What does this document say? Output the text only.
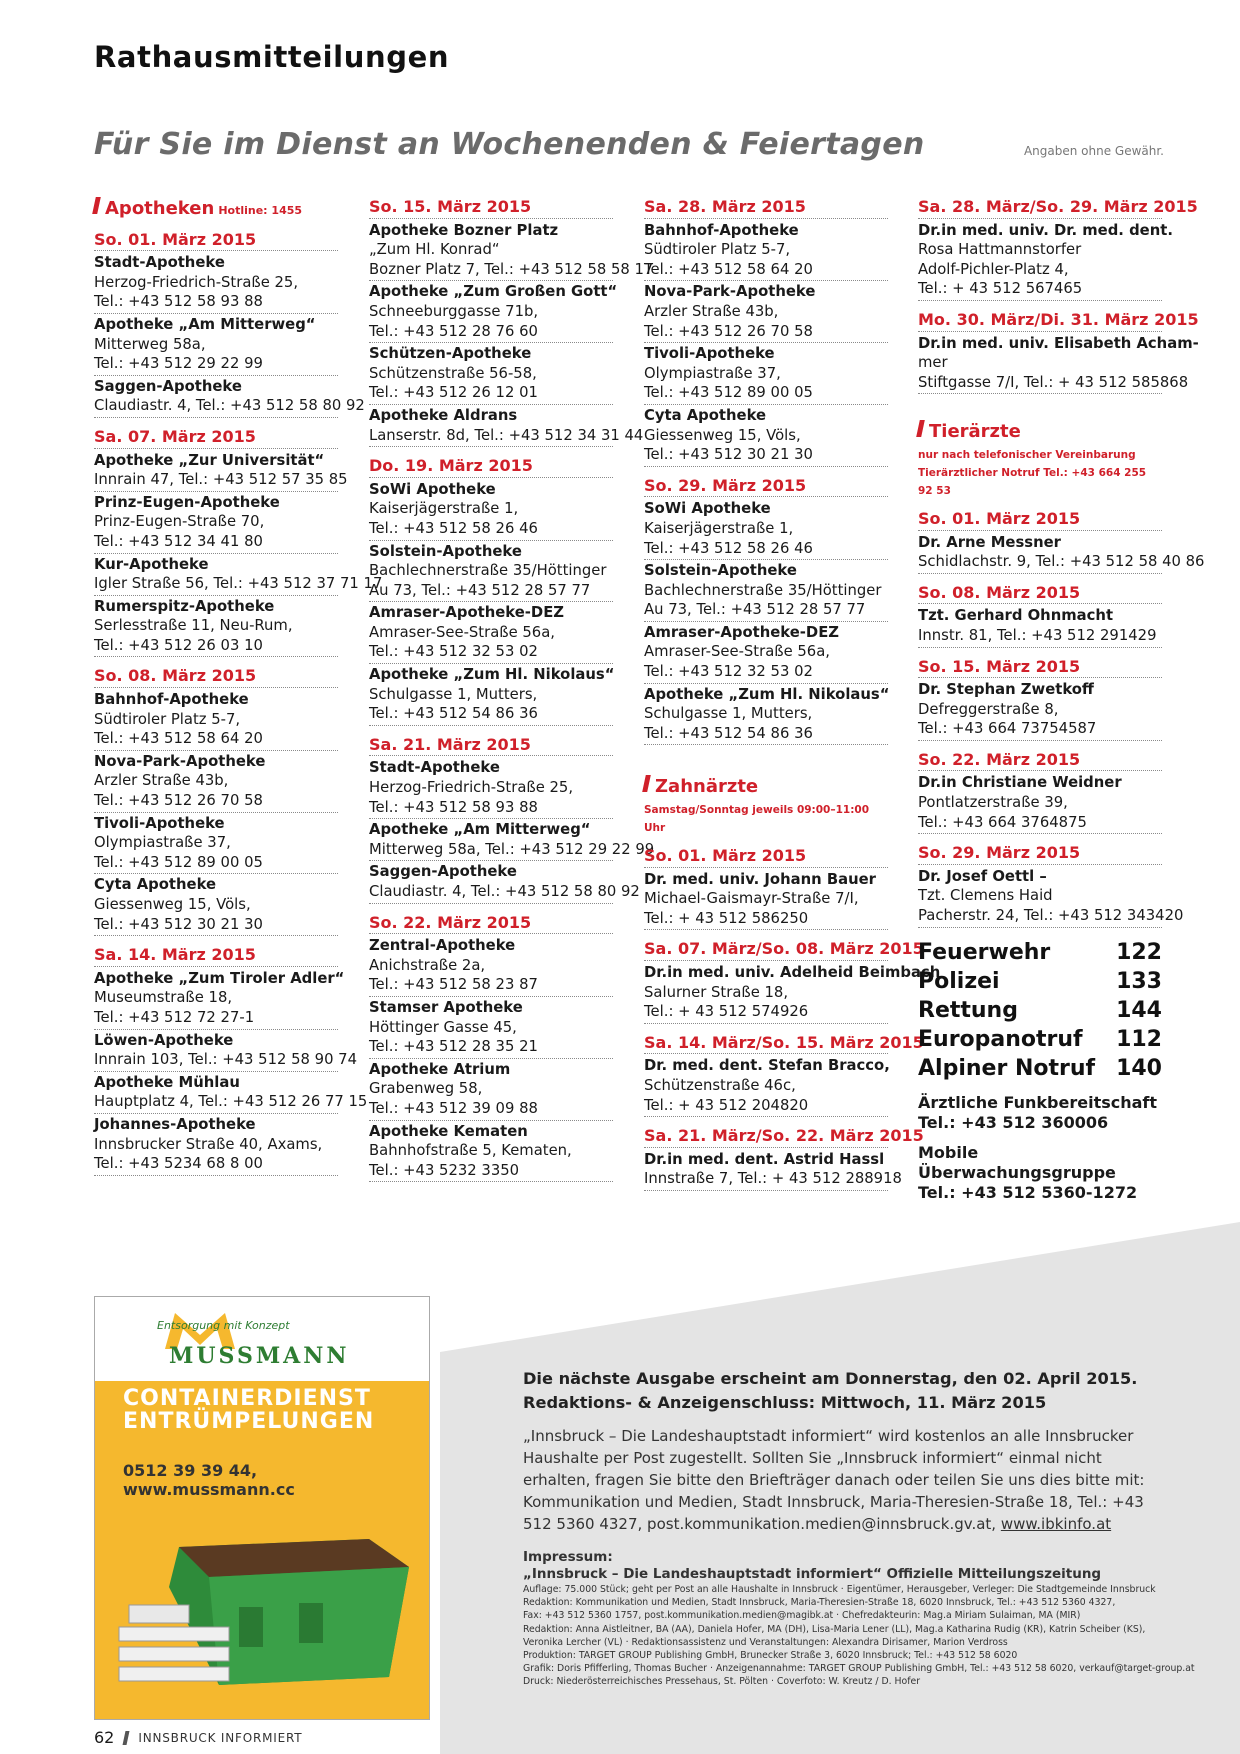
Rathausmitteilungen
Für Sie im Dienst an Wochenenden & Feiertagen	Angaben ohne Gewähr.
Apotheken Hotline: 1455
So. 01. März 2015
Stadt-Apotheke
Herzog-Friedrich-Straße 25,
Tel.: +43 512 58 93 88
Apotheke „Am Mitterweg“
Mitterweg 58a,
Tel.: +43 512 29 22 99
Saggen-Apotheke
Claudiastr. 4, Tel.: +43 512 58 80 92
Sa. 07. März 2015
Apotheke „Zur Universität“
Innrain 47, Tel.: +43 512 57 35 85
Prinz-Eugen-Apotheke
Prinz-Eugen-Straße 70,
Tel.: +43 512 34 41 80
Kur-Apotheke
Igler Straße 56, Tel.: +43 512 37 71 17
Rumerspitz-Apotheke
Serlesstraße 11, Neu-Rum,
Tel.: +43 512 26 03 10
So. 08. März 2015
Bahnhof-Apotheke
Südtiroler Platz 5-7,
Tel.: +43 512 58 64 20
Nova-Park-Apotheke
Arzler Straße 43b,
Tel.: +43 512 26 70 58
Tivoli-Apotheke
Olympiastraße 37,
Tel.: +43 512 89 00 05
Cyta Apotheke
Giessenweg 15, Völs,
Tel.: +43 512 30 21 30
Sa. 14. März 2015
Apotheke „Zum Tiroler Adler“
Museumstraße 18,
Tel.: +43 512 72 27-1
Löwen-Apotheke
Innrain 103, Tel.: +43 512 58 90 74
Apotheke Mühlau
Hauptplatz 4, Tel.: +43 512 26 77 15
Johannes-Apotheke
Innsbrucker Straße 40, Axams,
Tel.: +43 5234 68 8 00
So. 15. März 2015
Apotheke Bozner Platz
„Zum Hl. Konrad“
Bozner Platz 7, Tel.: +43 512 58 58 17
Apotheke „Zum Großen Gott“
Schneeburggasse 71b,
Tel.: +43 512 28 76 60
Schützen-Apotheke
Schützenstraße 56-58,
Tel.: +43 512 26 12 01
Apotheke Aldrans
Lanserstr. 8d, Tel.: +43 512 34 31 44
Do. 19. März 2015
SoWi Apotheke
Kaiserjägerstraße 1,
Tel.: +43 512 58 26 46
Solstein-Apotheke
Bachlechnerstraße 35/Höttinger
Au 73, Tel.: +43 512 28 57 77
Amraser-Apotheke-DEZ
Amraser-See-Straße 56a,
Tel.: +43 512 32 53 02
Apotheke „Zum Hl. Nikolaus“
Schulgasse 1, Mutters,
Tel.: +43 512 54 86 36
Sa. 21. März 2015
Stadt-Apotheke
Herzog-Friedrich-Straße 25,
Tel.: +43 512 58 93 88
Apotheke „Am Mitterweg“
Mitterweg 58a, Tel.: +43 512 29 22 99
Saggen-Apotheke
Claudiastr. 4, Tel.: +43 512 58 80 92
So. 22. März 2015
Zentral-Apotheke
Anichstraße 2a,
Tel.: +43 512 58 23 87
Stamser Apotheke
Höttinger Gasse 45,
Tel.: +43 512 28 35 21
Apotheke Atrium
Grabenweg 58,
Tel.: +43 512 39 09 88
Apotheke Kematen
Bahnhofstraße 5, Kematen,
Tel.: +43 5232 3350
Sa. 28. März 2015
Bahnhof-Apotheke
Südtiroler Platz 5-7,
Tel.: +43 512 58 64 20
Nova-Park-Apotheke
Arzler Straße 43b,
Tel.: +43 512 26 70 58
Tivoli-Apotheke
Olympiastraße 37,
Tel.: +43 512 89 00 05
Cyta Apotheke
Giessenweg 15, Völs,
Tel.: +43 512 30 21 30
So. 29. März 2015
SoWi Apotheke
Kaiserjägerstraße 1,
Tel.: +43 512 58 26 46
Solstein-Apotheke
Bachlechnerstraße 35/Höttinger
Au 73, Tel.: +43 512 28 57 77
Amraser-Apotheke-DEZ
Amraser-See-Straße 56a,
Tel.: +43 512 32 53 02
Apotheke „Zum Hl. Nikolaus“
Schulgasse 1, Mutters,
Tel.: +43 512 54 86 36
Zahnärzte
Samstag/Sonntag jeweils 09:00–11:00 Uhr
So. 01. März 2015
Dr. med. univ. Johann Bauer
Michael-Gaismayr-Straße 7/I,
Tel.: + 43 512 586250
Sa. 07. März/So. 08. März 2015
Dr.in med. univ. Adelheid Beimbach
Salurner Straße 18,
Tel.: + 43 512 574926
Sa. 14. März/So. 15. März 2015
Dr. med. dent. Stefan Bracco,
Schützenstraße 46c,
Tel.: + 43 512 204820
Sa. 21. März/So. 22. März 2015
Dr.in med. dent. Astrid Hassl
Innstraße 7, Tel.: + 43 512 288918
Sa. 28. März/So. 29. März 2015
Dr.in med. univ. Dr. med. dent.
Rosa Hattmannstorfer
Adolf-Pichler-Platz 4,
Tel.: + 43 512 567465
Mo. 30. März/Di. 31. März 2015
Dr.in med. univ. Elisabeth Acham-
mer
Stiftgasse 7/I, Tel.: + 43 512 585868
Tierärzte
nur nach telefonischer Vereinbarung
Tierärztlicher Notruf Tel.: +43 664 255 92 53
So. 01. März 2015
Dr. Arne Messner
Schidlachstr. 9, Tel.: +43 512 58 40 86
So. 08. März 2015
Tzt. Gerhard Ohnmacht
Innstr. 81, Tel.: +43 512 291429
So. 15. März 2015
Dr. Stephan Zwetkoff
Defreggerstraße 8,
Tel.: +43 664 73754587
So. 22. März 2015
Dr.in Christiane Weidner
Pontlatzerstraße 39,
Tel.: +43 664 3764875
So. 29. März 2015
Dr. Josef Oettl –
Tzt. Clemens Haid
Pacherstr. 24, Tel.: +43 512 343420
Feuerwehr	122
Polizei	133
Rettung	144
Europanotruf 112
Alpiner Notruf 140
Ärztliche Funkbereitschaft
Tel.: +43 512 360006
Mobile Überwachungsgruppe
Tel.: +43 512 5360-1272
Entsorgung mit Konzept
MUSSMANN
CONTAINERDIENST
ENTRÜMPELUNGEN
0512 39 39 44, www.mussmann.cc
Die nächste Ausgabe erscheint am Donnerstag, den 02. April 2015.
Redaktions- & Anzeigenschluss: Mittwoch, 11. März 2015
„Innsbruck – Die Landeshauptstadt informiert“ wird kostenlos an alle Innsbrucker Haushalte per Post zugestellt. Sollten Sie „Innsbruck informiert“ einmal nicht erhalten, fragen Sie bitte den Briefträger danach oder teilen Sie uns dies bitte mit: Kommunikation und Medien, Stadt Innsbruck, Maria-Theresien-Straße 18, Tel.: +43 512 5360 4327, post.kommunikation.medien@innsbruck.gv.at, www.ibkinfo.at
Impressum:
„Innsbruck – Die Landeshauptstadt informiert“ Offizielle Mitteilungszeitung
Auflage: 75.000 Stück; geht per Post an alle Haushalte in Innsbruck · Eigentümer, Herausgeber, Verleger: Die Stadtgemeinde Innsbruck
Redaktion: Kommunikation und Medien, Stadt Innsbruck, Maria-Theresien-Straße 18, 6020 Innsbruck, Tel.: +43 512 5360 4327,
Fax: +43 512 5360 1757, post.kommunikation.medien@magibk.at · Chefredakteurin: Mag.a Miriam Sulaiman, MA (MIR)
Redaktion: Anna Aistleitner, BA (AA), Daniela Hofer, MA (DH), Lisa-Maria Lener (LL), Mag.a Katharina Rudig (KR), Katrin Scheiber (KS),
Veronika Lercher (VL) · Redaktionsassistenz und Veranstaltungen: Alexandra Dirisamer, Marion Verdross
Produktion: TARGET GROUP Publishing GmbH, Brunecker Straße 3, 6020 Innsbruck; Tel.: +43 512 58 6020
Grafik: Doris Pfifferling, Thomas Bucher · Anzeigenannahme: TARGET GROUP Publishing GmbH, Tel.: +43 512 58 6020, verkauf@target-group.at
Druck: Niederösterreichisches Pressehaus, St. Pölten · Coverfoto: W. Kreutz / D. Hofer
62 INNSBRUCK INFORMIERT
